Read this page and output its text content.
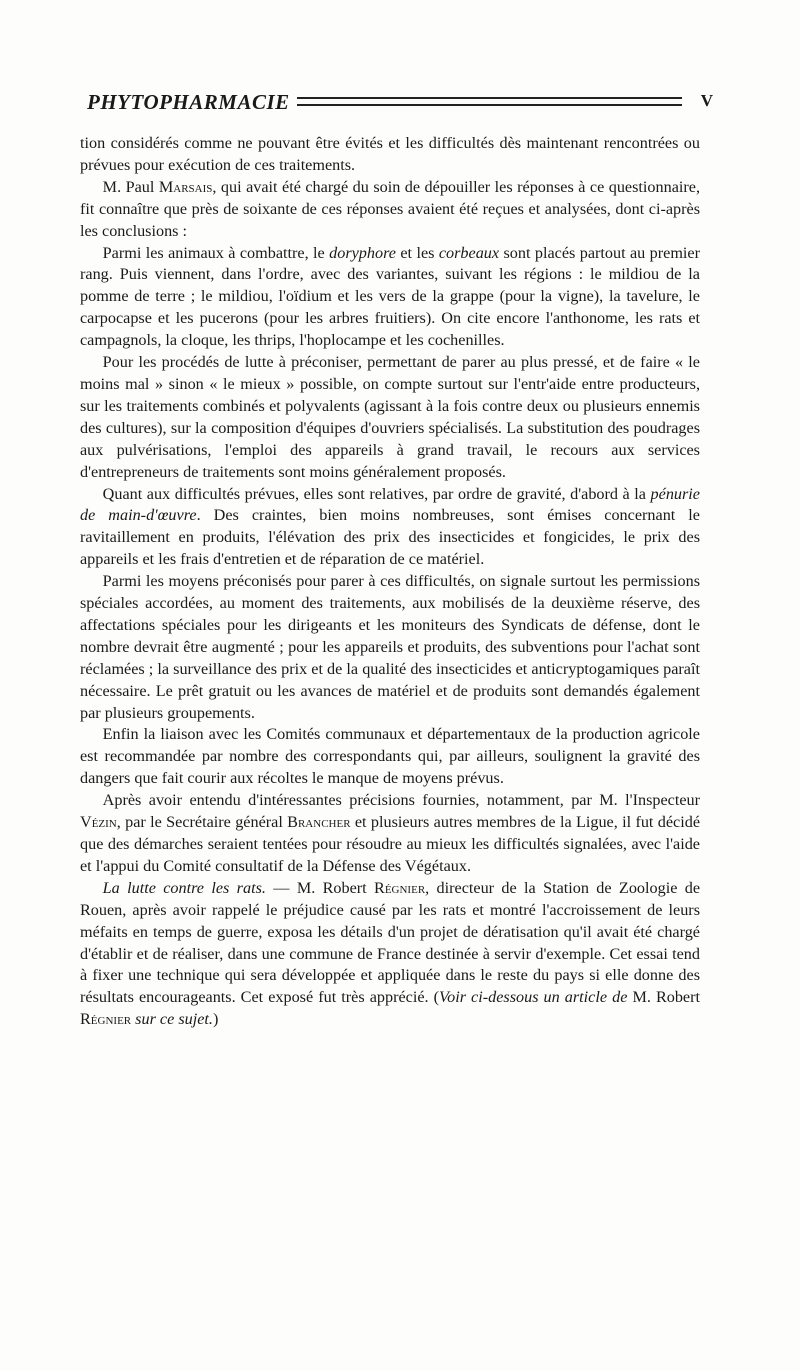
PHYTOPHARMACIE	V

tion considérés comme ne pouvant être évités et les difficultés dès maintenant rencontrées ou prévues pour exécution de ces traitements.

M. Paul Marsais, qui avait été chargé du soin de dépouiller les réponses à ce questionnaire, fit connaître que près de soixante de ces réponses avaient été reçues et analysées, dont ci-après les conclusions :

Parmi les animaux à combattre, le doryphore et les corbeaux sont placés partout au premier rang. Puis viennent, dans l'ordre, avec des variantes, suivant les régions : le mildiou de la pomme de terre ; le mildiou, l'oïdium et les vers de la grappe (pour la vigne), la tavelure, le carpocapse et les pucerons (pour les arbres fruitiers). On cite encore l'anthonome, les rats et campagnols, la cloque, les thrips, l'hoplocampe et les cochenilles.

Pour les procédés de lutte à préconiser, permettant de parer au plus pressé, et de faire « le moins mal » sinon « le mieux » possible, on compte surtout sur l'entr'aide entre producteurs, sur les traitements combinés et polyvalents (agissant à la fois contre deux ou plusieurs ennemis des cultures), sur la composition d'équipes d'ouvriers spécialisés. La substitution des poudrages aux pulvérisations, l'emploi des appareils à grand travail, le recours aux services d'entrepreneurs de traitements sont moins généralement proposés.

Quant aux difficultés prévues, elles sont relatives, par ordre de gravité, d'abord à la pénurie de main-d'œuvre. Des craintes, bien moins nombreuses, sont émises concernant le ravitaillement en produits, l'élévation des prix des insecticides et fongicides, le prix des appareils et les frais d'entretien et de réparation de ce matériel.

Parmi les moyens préconisés pour parer à ces difficultés, on signale surtout les permissions spéciales accordées, au moment des traitements, aux mobilisés de la deuxième réserve, des affectations spéciales pour les dirigeants et les moniteurs des Syndicats de défense, dont le nombre devrait être augmenté ; pour les appareils et produits, des subventions pour l'achat sont réclamées ; la surveillance des prix et de la qualité des insecticides et anticryptogamiques paraît nécessaire. Le prêt gratuit ou les avances de matériel et de produits sont demandés également par plusieurs groupements.

Enfin la liaison avec les Comités communaux et départementaux de la production agricole est recommandée par nombre des correspondants qui, par ailleurs, soulignent la gravité des dangers que fait courir aux récoltes le manque de moyens prévus.

Après avoir entendu d'intéressantes précisions fournies, notamment, par M. l'Inspecteur Vézin, par le Secrétaire général Brancher et plusieurs autres membres de la Ligue, il fut décidé que des démarches seraient tentées pour résoudre au mieux les difficultés signalées, avec l'aide et l'appui du Comité consultatif de la Défense des Végétaux.

La lutte contre les rats. — M. Robert Régnier, directeur de la Station de Zoologie de Rouen, après avoir rappelé le préjudice causé par les rats et montré l'accroissement de leurs méfaits en temps de guerre, exposa les détails d'un projet de dératisation qu'il avait été chargé d'établir et de réaliser, dans une commune de France destinée à servir d'exemple. Cet essai tend à fixer une technique qui sera développée et appliquée dans le reste du pays si elle donne des résultats encourageants. Cet exposé fut très apprécié. (Voir ci-dessous un article de M. Robert Régnier sur ce sujet.)
